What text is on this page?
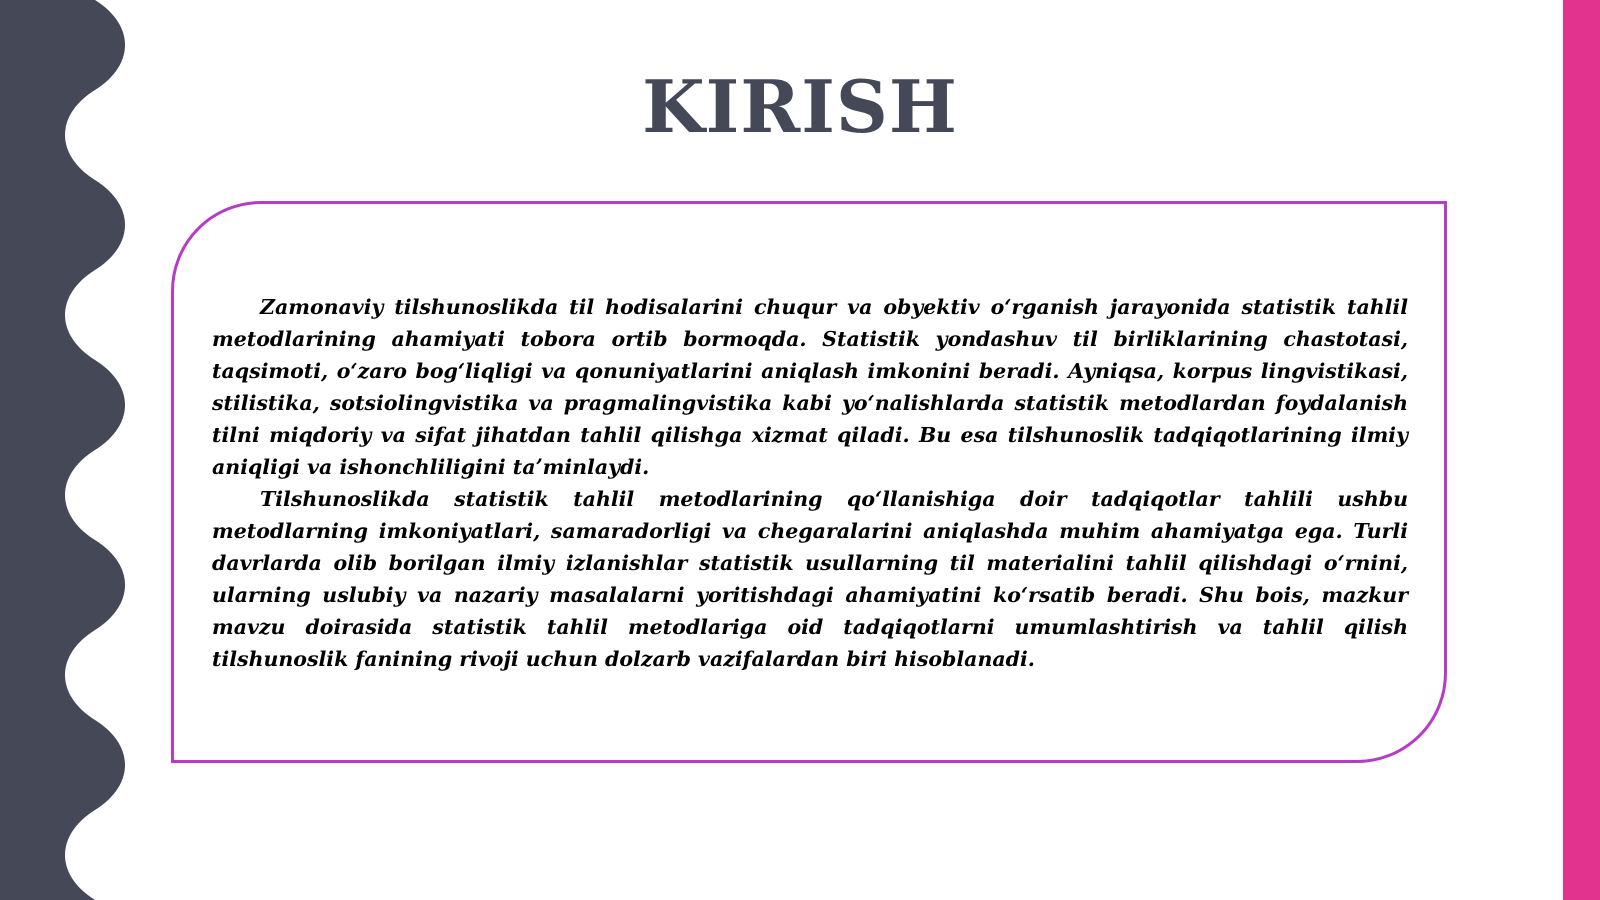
KIRISH

Zamonaviy tilshunoslikda til hodisalarini chuqur va obyektiv oʻrganish jarayonida statistik tahlil metodlarining ahamiyati tobora ortib bormoqda. Statistik yondashuv til birliklarining chastotasi, taqsimoti, oʻzaro bogʻliqligi va qonuniyatlarini aniqlash imkonini beradi. Ayniqsa, korpus lingvistikasi, stilistika, sotsiolingvistika va pragmalingvistika kabi yoʻnalishlarda statistik metodlardan foydalanish tilni miqdoriy va sifat jihatdan tahlil qilishga xizmat qiladi. Bu esa tilshunoslik tadqiqotlarining ilmiy aniqligi va ishonchliligini taʼminlaydi.

Tilshunoslikda statistik tahlil metodlarining qoʻllanishiga doir tadqiqotlar tahlili ushbu metodlarning imkoniyatlari, samaradorligi va chegaralarini aniqlashda muhim ahamiyatga ega. Turli davrlarda olib borilgan ilmiy izlanishlar statistik usullarning til materialini tahlil qilishdagi oʻrnini, ularning uslubiy va nazariy masalalarni yoritishdagi ahamiyatini koʻrsatib beradi. Shu bois, mazkur mavzu doirasida statistik tahlil metodlariga oid tadqiqotlarni umumlashtirish va tahlil qilish tilshunoslik fanining rivoji uchun dolzarb vazifalardan biri hisoblanadi.
